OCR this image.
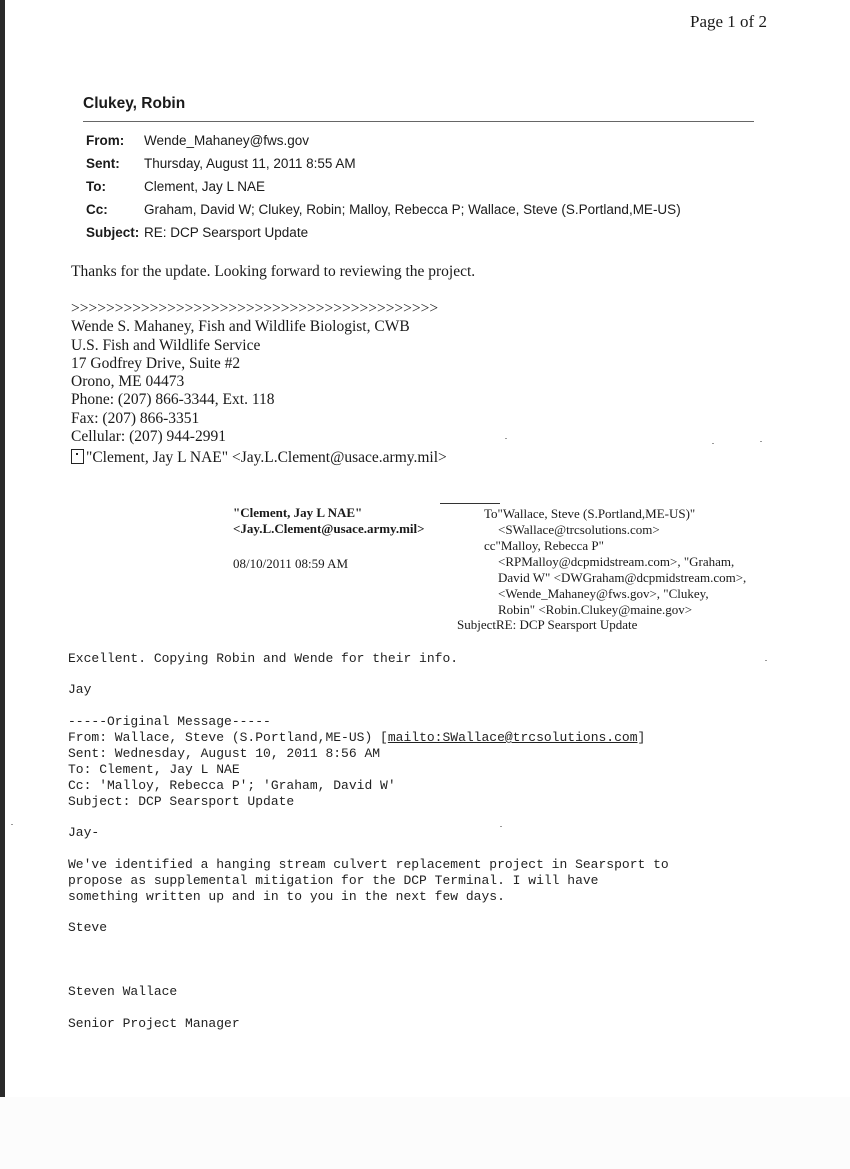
Page 1 of 2
Clukey, Robin
From: Wende_Mahaney@fws.gov
Sent: Thursday, August 11, 2011 8:55 AM
To:	Clement, Jay L NAE
Cc:	Graham, David W; Clukey, Robin; Malloy, Rebecca P; Wallace, Steve (S.Portland,ME-US)
Subject: RE: DCP Searsport Update
Thanks for the update. Looking forward to reviewing the project.
>>>>>>>>>>>>>>>>>>>>>>>>>>>>>>>>>>>>>>>>>>
Wende S. Mahaney, Fish and Wildlife Biologist, CWB
U.S. Fish and Wildlife Service
17 Godfrey Drive, Suite #2
Orono, ME 04473
Phone: (207) 866-3344, Ext. 118
Fax: (207) 866-3351
Cellular: (207) 944-2991
"Clement, Jay L NAE" <Jay.L.Clement@usace.army.mil>
"Clement, Jay L NAE"
<Jay.L.Clement@usace.army.mil>
08/10/2011 08:59 AM
To"Wallace, Steve (S.Portland,ME-US)"
<SWallace@trcsolutions.com>
cc"Malloy, Rebecca P"
<RPMalloy@dcpmidstream.com>, "Graham,
David W" <DWGraham@dcpmidstream.com>,
<Wende_Mahaney@fws.gov>, "Clukey,
Robin" <Robin.Clukey@maine.gov>
SubjectRE: DCP Searsport Update
Excellent. Copying Robin and Wende for their info.
Jay
-----Original Message-----
From: Wallace, Steve (S.Portland,ME-US) [mailto:SWallace@trcsolutions.com]
Sent: Wednesday, August 10, 2011 8:56 AM
To: Clement, Jay L NAE
Cc: 'Malloy, Rebecca P'; 'Graham, David W'
Subject: DCP Searsport Update
Jay-
We've identified a hanging stream culvert replacement project in Searsport to
propose as supplemental mitigation for the DCP Terminal. I will have
something written up and in to you in the next few days.
Steve
Steven Wallace
Senior Project Manager
